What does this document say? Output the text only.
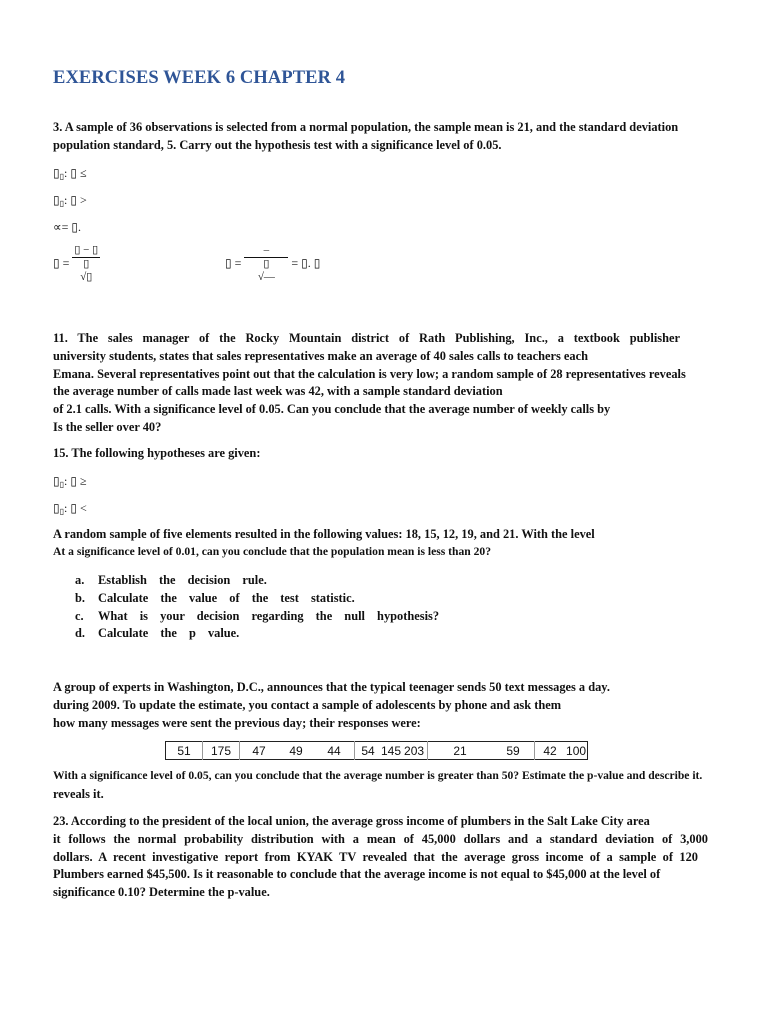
EXERCISES WEEK 6 CHAPTER 4
3. A sample of 36 observations is selected from a normal population, the sample mean is 21, and the standard deviation
population standard, 5. Carry out the hypothesis test with a significance level of 0.05.
$▯_▯$: ▯ ≤
$▯_▯$: ▯ >
∝= ▯.
▯ =
▯ − ▯
▯
√▯
▯ =
–
▯
√—
= ▯. ▯
11. The sales manager of the Rocky Mountain district of Rath Publishing, Inc., a textbook publisher
university students, states that sales representatives make an average of 40 sales calls to teachers each
Emana. Several representatives point out that the calculation is very low; a random sample of 28 representatives reveals
the average number of calls made last week was 42, with a sample standard deviation
of 2.1 calls. With a significance level of 0.05. Can you conclude that the average number of weekly calls by
Is the seller over 40?
15. The following hypotheses are given:
$▯_▯$: ▯ ≥
$▯_▯$: ▯ <
A random sample of five elements resulted in the following values: 18, 15, 12, 19, and 21. With the level
At a significance level of 0.01, can you conclude that the population mean is less than 20?
a. Establish the decision rule.
b. Calculate the value of the test statistic.
c. What is your decision regarding the null hypothesis?
d. Calculate the p value.
A group of experts in Washington, D.C., announces that the typical teenager sends 50 text messages a day.
during 2009. To update the estimate, you contact a sample of adolescents by phone and ask them
how many messages were sent the previous day; their responses were:
51	175	47	49	44	54	145	203	21	59	42	100
With a significance level of 0.05, can you conclude that the average number is greater than 50? Estimate the p-value and describe it.
reveals it.
23. According to the president of the local union, the average gross income of plumbers in the Salt Lake City area
it follows the normal probability distribution with a mean of 45,000 dollars and a standard deviation of 3,000
dollars. A recent investigative report from KYAK TV revealed that the average gross income of a sample of 120
Plumbers earned $45,500. Is it reasonable to conclude that the average income is not equal to $45,000 at the level of
significance 0.10? Determine the p-value.
